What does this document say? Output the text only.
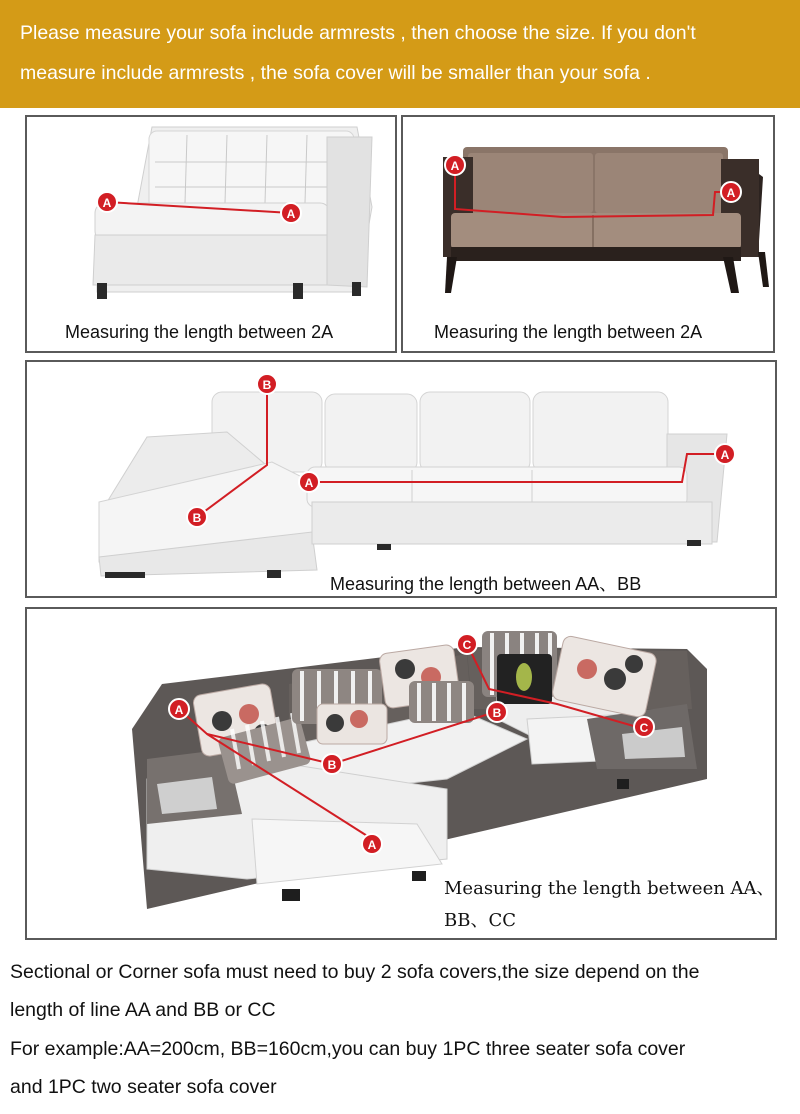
Please measure your sofa include armrests , then choose the size. If you don't
measure include armrests , the sofa cover will be smaller than your sofa .
A
A
Measuring the length between 2A
A
A
Measuring the length between 2A
B
B
A
A
Measuring the length between AA、BB
A
A
B
B
C
C
Measuring the length between AA、
BB、CC
Sectional or Corner sofa must need to buy 2 sofa covers,the size depend on the
length of line AA and BB or CC
For example:AA=200cm, BB=160cm,you can buy 1PC three seater sofa cover
and 1PC two seater sofa cover
